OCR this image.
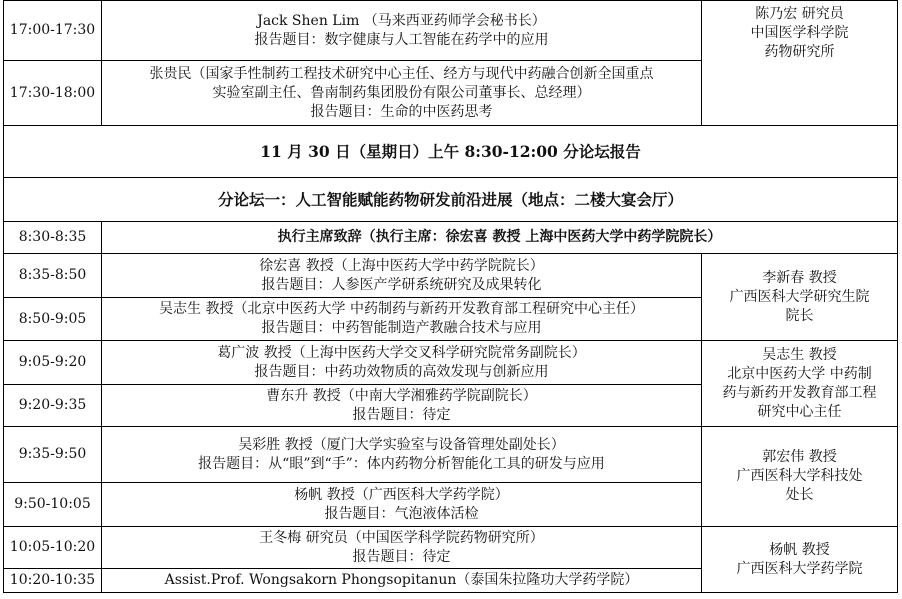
17:00-17:30	Jack Shen Lim （马来西亚药师学会秘书长）
报告题目：数字健康与人工智能在药学中的应用	陈乃宏 研究员
中国医学科学院
药物研究所

17:30-18:00	张贵民（国家手性制药工程技术研究中心主任、经方与现代中药融合创新全国重点
实验室副主任、鲁南制药集团股份有限公司董事长、总经理）
报告题目：生命的中医药思考	

11 月 30 日（星期日）上午 8:30-12:00 分论坛报告		
分论坛一：人工智能赋能药物研发前沿进展（地点：二楼大宴会厅）		
8:30-8:35	执行主席致辞（执行主席：徐宏喜 教授 上海中医药大学中药学院院长）	
8:35-8:50	徐宏喜 教授（上海中医药大学中药学院院长）
报告题目：人参医产学研系统研究及成果转化	李新春 教授
广西医科大学研究生院
院长

8:50-9:05	吴志生 教授（北京中医药大学 中药制药与新药开发教育部工程研究中心主任）
报告题目：中药智能制造产教融合技术与应用	

9:05-9:20	葛广波 教授（上海中医药大学交叉科学研究院常务副院长）
报告题目：中药功效物质的高效发现与创新应用	吴志生 教授
北京中医药大学 中药制
药与新药开发教育部工程
研究中心主任

9:20-9:35	曹东升 教授（中南大学湘雅药学院副院长）
报告题目：待定	

9:35-9:50	吴彩胜 教授（厦门大学实验室与设备管理处副处长）
报告题目：从“眼”到“手”：体内药物分析智能化工具的研发与应用	郭宏伟 教授
广西医科大学科技处
处长

9:50-10:05	杨帆 教授（广西医科大学药学院）
报告题目：气泡液体活检	

10:05-10:20	王冬梅 研究员（中国医学科学院药物研究所）
报告题目：待定	杨帆 教授
广西医科大学药学院

10:20-10:35	Assist.Prof. Wongsakorn Phongsopitanun（泰国朱拉隆功大学药学院）	
